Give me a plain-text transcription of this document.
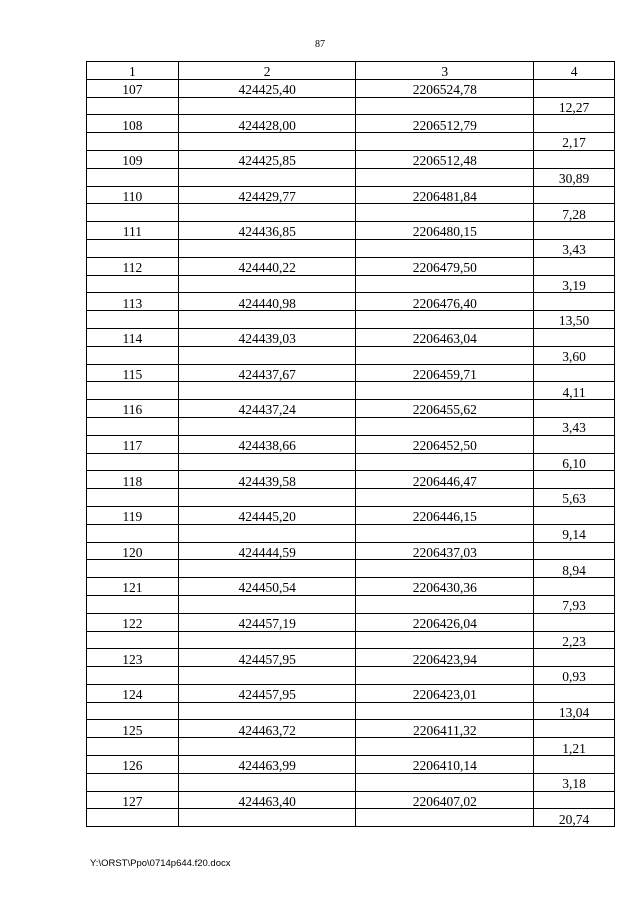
87
1	2	3	4
107	424425,40	2206524,78	
			12,27
108	424428,00	2206512,79	
			2,17
109	424425,85	2206512,48	
			30,89
110	424429,77	2206481,84	
			7,28
111	424436,85	2206480,15	
			3,43
112	424440,22	2206479,50	
			3,19
113	424440,98	2206476,40	
			13,50
114	424439,03	2206463,04	
			3,60
115	424437,67	2206459,71	
			4,11
116	424437,24	2206455,62	
			3,43
117	424438,66	2206452,50	
			6,10
118	424439,58	2206446,47	
			5,63
119	424445,20	2206446,15	
			9,14
120	424444,59	2206437,03	
			8,94
121	424450,54	2206430,36	
			7,93
122	424457,19	2206426,04	
			2,23
123	424457,95	2206423,94	
			0,93
124	424457,95	2206423,01	
			13,04
125	424463,72	2206411,32	
			1,21
126	424463,99	2206410,14	
			3,18
127	424463,40	2206407,02	
			20,74
Y:\ORST\Ppo\0714p644.f20.docx
